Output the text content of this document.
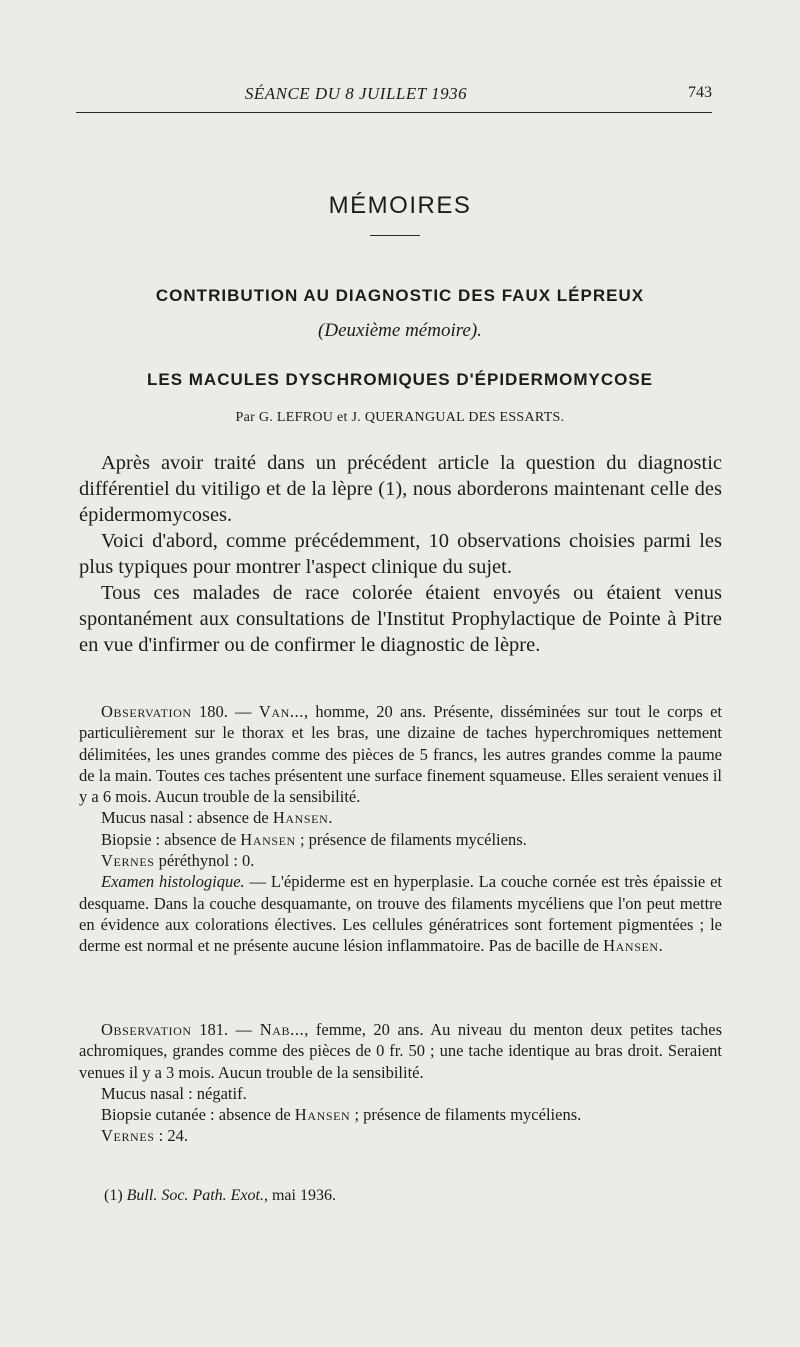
SÉANCE DU 8 JUILLET 1936	743
MÉMOIRES
CONTRIBUTION AU DIAGNOSTIC DES FAUX LÉPREUX
(Deuxième mémoire).
LES MACULES DYSCHROMIQUES D'ÉPIDERMOMYCOSE
Par G. LEFROU et J. QUERANGUAL DES ESSARTS.

Après avoir traité dans un précédent article la question du diagnostic différentiel du vitiligo et de la lèpre (1), nous aborderons maintenant celle des épidermomycoses.

Voici d'abord, comme précédemment, 10 observations choisies parmi les plus typiques pour montrer l'aspect clinique du sujet.

Tous ces malades de race colorée étaient envoyés ou étaient venus spontanément aux consultations de l'Institut Prophylactique de Pointe à Pitre en vue d'infirmer ou de confirmer le diagnostic de lèpre.

Observation 180. — Van..., homme, 20 ans. Présente, disséminées sur tout le corps et particulièrement sur le thorax et les bras, une dizaine de taches hyperchromiques nettement délimitées, les unes grandes comme des pièces de 5 francs, les autres grandes comme la paume de la main. Toutes ces taches présentent une surface finement squameuse. Elles seraient venues il y a 6 mois. Aucun trouble de la sensibilité.

Mucus nasal : absence de Hansen.

Biopsie : absence de Hansen ; présence de filaments mycéliens.

Vernes péréthynol : 0.

Examen histologique. — L'épiderme est en hyperplasie. La couche cornée est très épaissie et desquame. Dans la couche desquamante, on trouve des filaments mycéliens que l'on peut mettre en évidence aux colorations électives. Les cellules génératrices sont fortement pigmentées ; le derme est normal et ne présente aucune lésion inflammatoire. Pas de bacille de Hansen.

Observation 181. — Nab..., femme, 20 ans. Au niveau du menton deux petites taches achromiques, grandes comme des pièces de 0 fr. 50 ; une tache identique au bras droit. Seraient venues il y a 3 mois. Aucun trouble de la sensibilité.

Mucus nasal : négatif.

Biopsie cutanée : absence de Hansen ; présence de filaments mycéliens.

Vernes : 24.

(1) Bull. Soc. Path. Exot., mai 1936.
